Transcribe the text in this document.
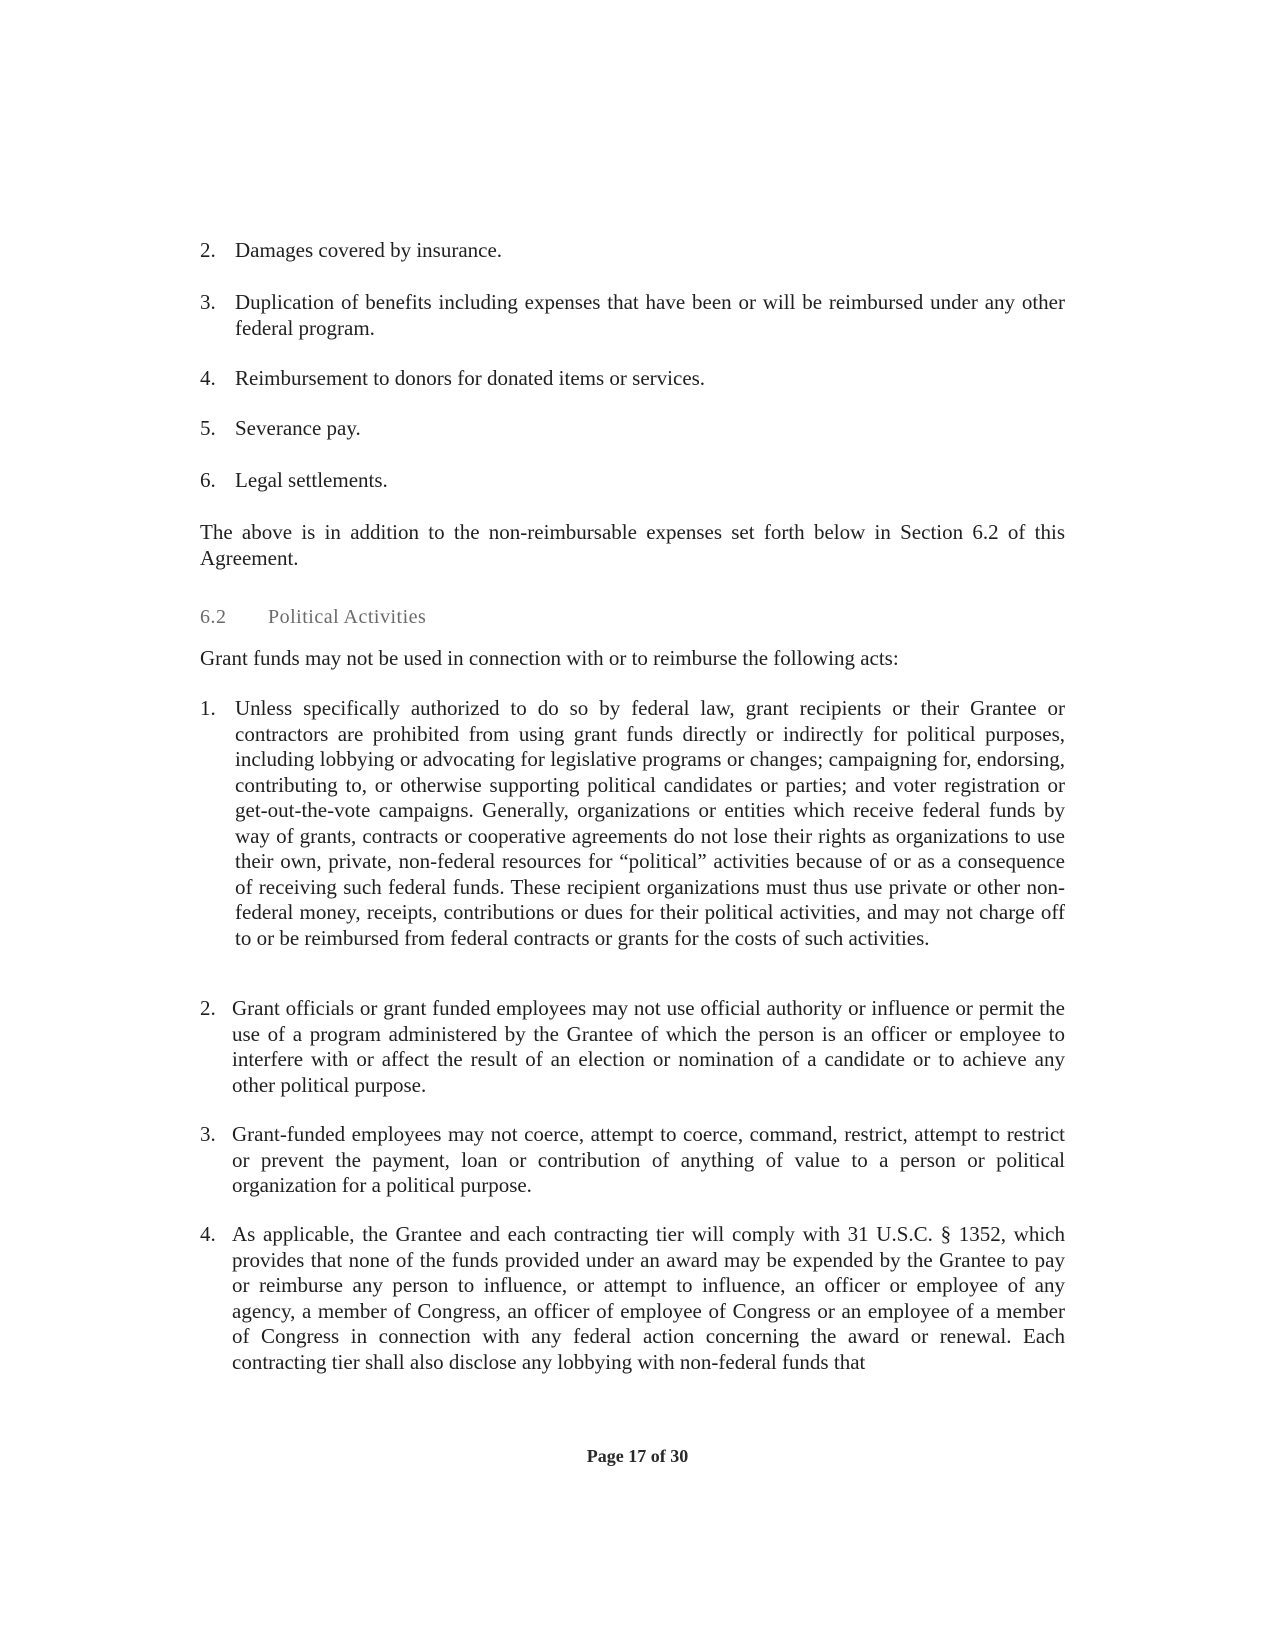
2. Damages covered by insurance.
3. Duplication of benefits including expenses that have been or will be reimbursed under any other federal program.
4. Reimbursement to donors for donated items or services.
5. Severance pay.
6. Legal settlements.
The above is in addition to the non-reimbursable expenses set forth below in Section 6.2 of this Agreement.
6.2 Political Activities
Grant funds may not be used in connection with or to reimburse the following acts:
1. Unless specifically authorized to do so by federal law, grant recipients or their Grantee or contractors are prohibited from using grant funds directly or indirectly for political purposes, including lobbying or advocating for legislative programs or changes; campaigning for, endorsing, contributing to, or otherwise supporting political candidates or parties; and voter registration or get-out-the-vote campaigns. Generally, organizations or entities which receive federal funds by way of grants, contracts or cooperative agreements do not lose their rights as organizations to use their own, private, non-federal resources for “political” activities because of or as a consequence of receiving such federal funds. These recipient organizations must thus use private or other non-federal money, receipts, contributions or dues for their political activities, and may not charge off to or be reimbursed from federal contracts or grants for the costs of such activities.
2. Grant officials or grant funded employees may not use official authority or influence or permit the use of a program administered by the Grantee of which the person is an officer or employee to interfere with or affect the result of an election or nomination of a candidate or to achieve any other political purpose.
3. Grant-funded employees may not coerce, attempt to coerce, command, restrict, attempt to restrict or prevent the payment, loan or contribution of anything of value to a person or political organization for a political purpose.
4. As applicable, the Grantee and each contracting tier will comply with 31 U.S.C. § 1352, which provides that none of the funds provided under an award may be expended by the Grantee to pay or reimburse any person to influence, or attempt to influence, an officer or employee of any agency, a member of Congress, an officer of employee of Congress or an employee of a member of Congress in connection with any federal action concerning the award or renewal. Each contracting tier shall also disclose any lobbying with non-federal funds that
Page 17 of 30
